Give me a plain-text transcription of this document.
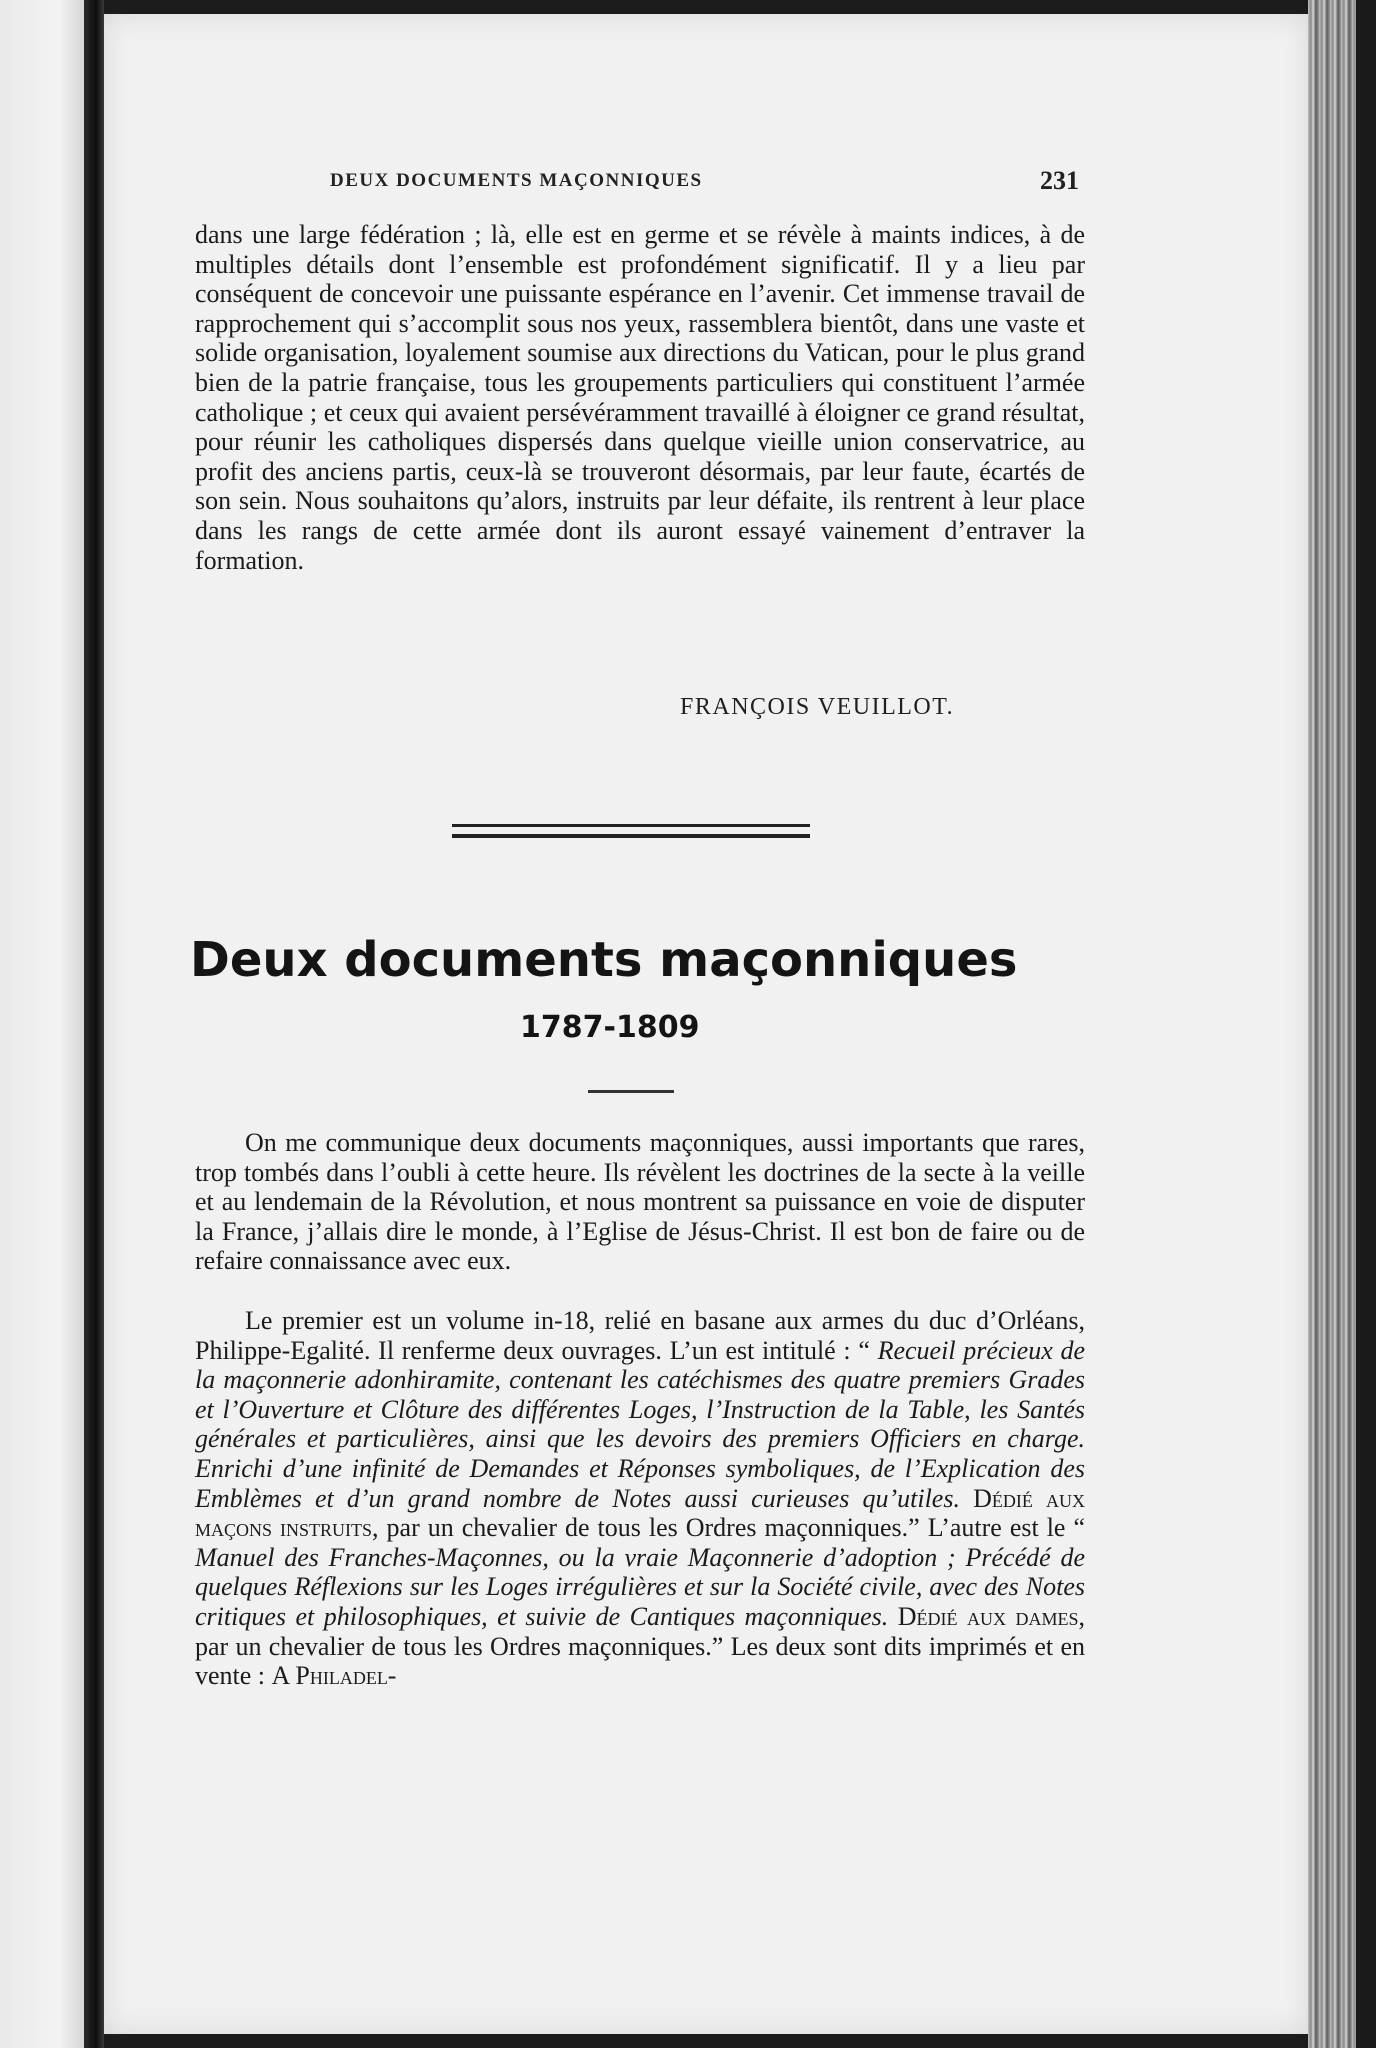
DEUX DOCUMENTS MAÇONNIQUES	231

dans une large fédération ; là, elle est en germe et se révèle à maints indices, à de multiples détails dont l’ensemble est profondément significatif. Il y a lieu par conséquent de concevoir une puissante espérance en l’avenir. Cet immense travail de rapprochement qui s’accomplit sous nos yeux, rassemblera bientôt, dans une vaste et solide organisation, loyalement soumise aux directions du Vatican, pour le plus grand bien de la patrie française, tous les groupements particuliers qui constituent l’armée catholique ; et ceux qui avaient persévéramment travaillé à éloigner ce grand résultat, pour réunir les catholiques dispersés dans quelque vieille union conservatrice, au profit des anciens partis, ceux-là se trouveront désormais, par leur faute, écartés de son sein. Nous souhaitons qu’alors, instruits par leur défaite, ils rentrent à leur place dans les rangs de cette armée dont ils auront essayé vainement d’entraver la formation.

FRANÇOIS VEUILLOT.
Deux documents maçonniques
1787-1809

On me communique deux documents maçonniques, aussi importants que rares, trop tombés dans l’oubli à cette heure. Ils révèlent les doctrines de la secte à la veille et au lendemain de la Révolution, et nous montrent sa puissance en voie de disputer la France, j’allais dire le monde, à l’Eglise de Jésus-Christ. Il est bon de faire ou de refaire connaissance avec eux.

Le premier est un volume in-18, relié en basane aux armes du duc d’Orléans, Philippe-Egalité. Il renferme deux ouvrages. L’un est intitulé : “ Recueil précieux de la maçonnerie adonhiramite, contenant les catéchismes des quatre premiers Grades et l’Ouverture et Clôture des différentes Loges, l’Instruction de la Table, les Santés générales et particulières, ainsi que les devoirs des premiers Officiers en charge. Enrichi d’une infinité de Demandes et Réponses symboliques, de l’Explication des Emblèmes et d’un grand nombre de Notes aussi curieuses qu’utiles. Dédié aux maçons instruits, par un chevalier de tous les Ordres maçonniques.” L’autre est le “ Manuel des Franches-Maçonnes, ou la vraie Maçonnerie d’adoption ; Précédé de quelques Réflexions sur les Loges irrégulières et sur la Société civile, avec des Notes critiques et philosophiques, et suivie de Cantiques maçonniques. Dédié aux dames, par un chevalier de tous les Ordres maçonniques.” Les deux sont dits imprimés et en vente : A Philadel-
